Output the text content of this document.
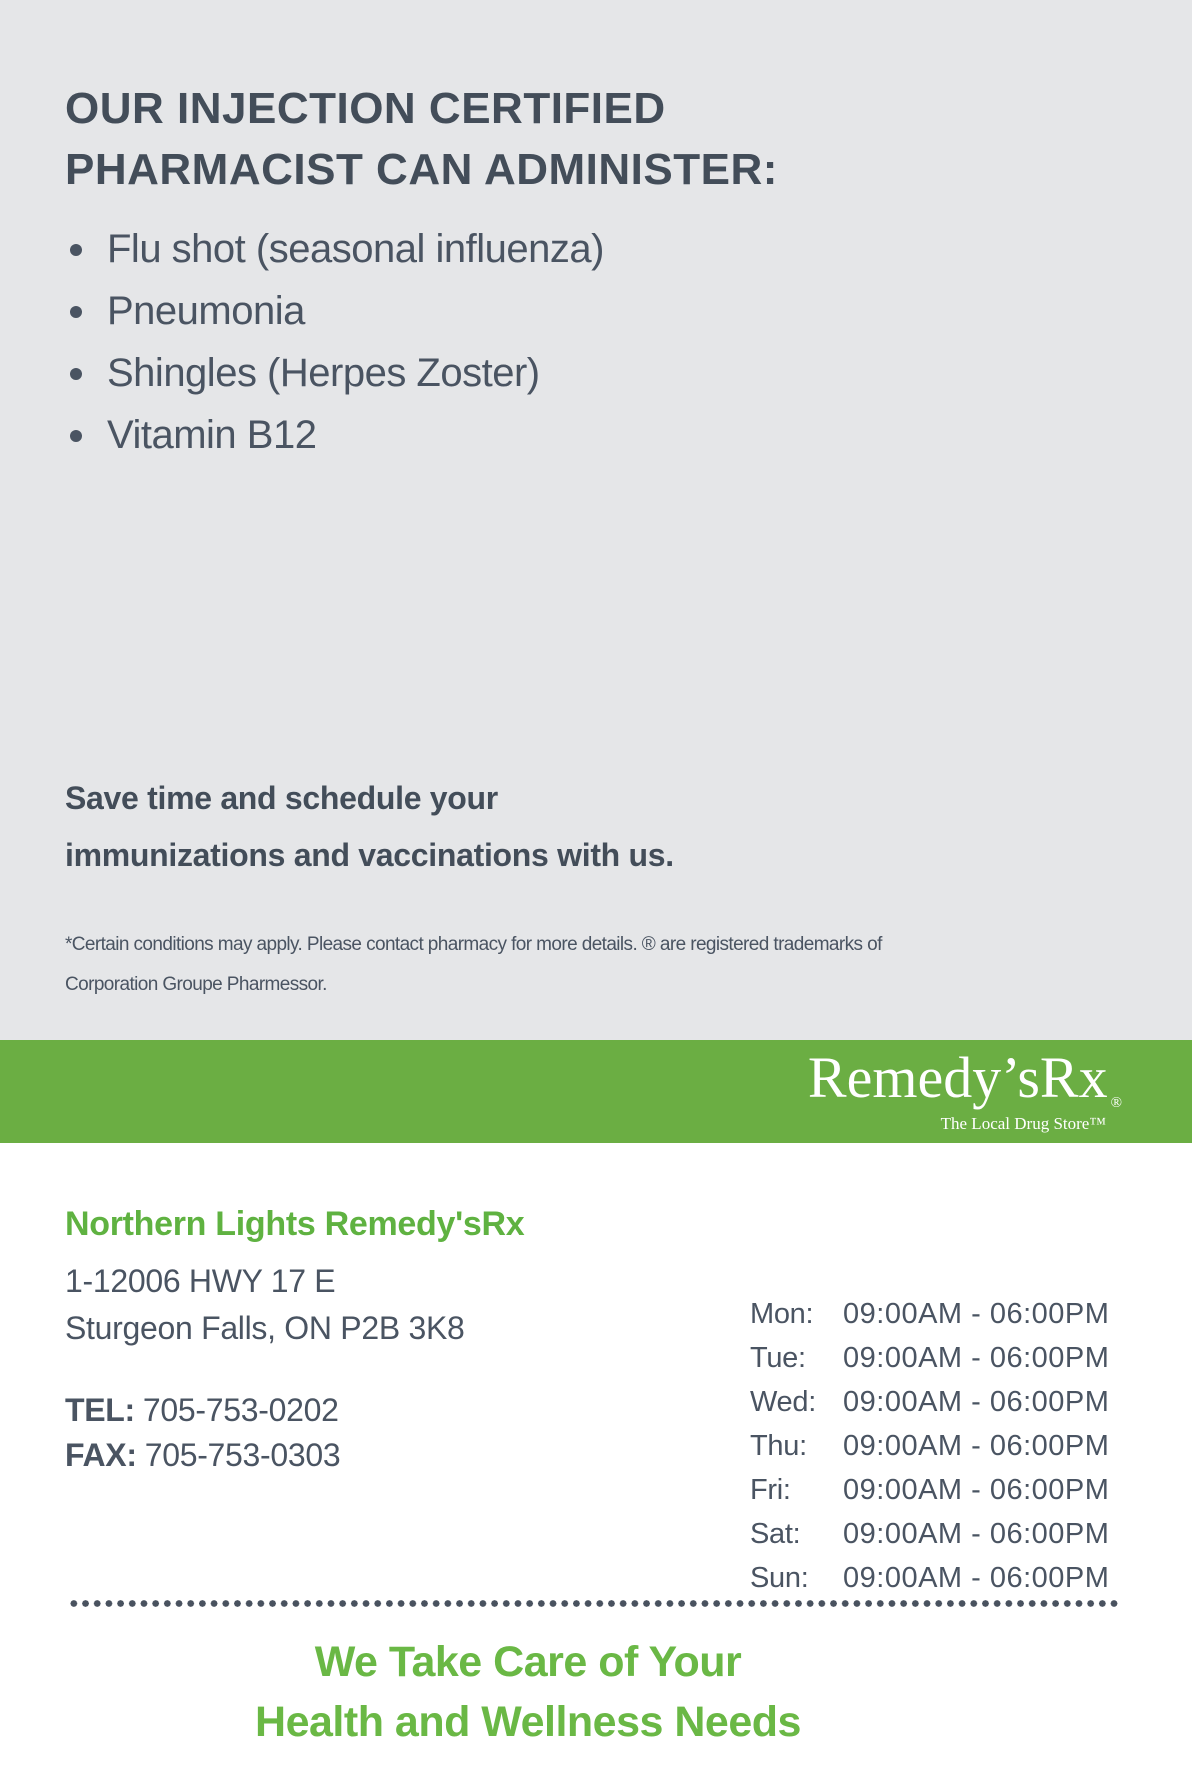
OUR INJECTION CERTIFIED
PHARMACIST CAN ADMINISTER:
Flu shot (seasonal influenza)
Pneumonia
Shingles (Herpes Zoster)
Vitamin B12

Save time and schedule your
immunizations and vaccinations with us.

*Certain conditions may apply. Please contact pharmacy for more details. ® are registered trademarks of
Corporation Groupe Pharmessor.

Remedy’sRx ®
The Local Drug Store™
Northern Lights Remedy'sRx
1-12006 HWY 17 E
Sturgeon Falls, ON P2B 3K8
TEL: 705-753-0202
FAX: 705-753-0303
Mon:	09:00AM - 06:00PM
Tue:	09:00AM - 06:00PM
Wed: 09:00AM - 06:00PM
Thu:	09:00AM - 06:00PM
Fri:	09:00AM - 06:00PM
Sat:	09:00AM - 06:00PM
Sun:	09:00AM - 06:00PM
We Take Care of Your
Health and Wellness Needs
